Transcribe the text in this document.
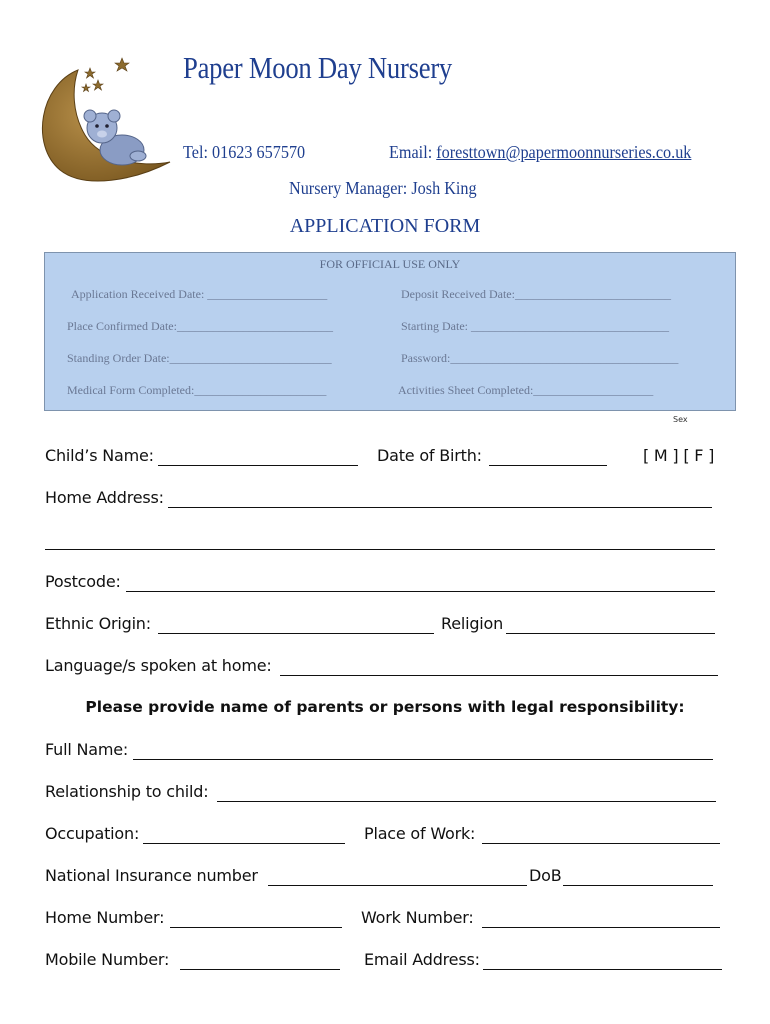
Paper Moon Day Nursery
Tel: 01623 657570	Email: foresttown@papermoonnurseries.co.uk
Nursery Manager: Josh King
APPLICATION FORM
FOR OFFICIAL USE ONLY
Application Received Date: ____________________	Deposit Received Date:__________________________
Place Confirmed Date:__________________________	Starting Date: _________________________________
Standing Order Date:___________________________	Password:______________________________________
Medical Form Completed:______________________	Activities Sheet Completed:____________________
Sex
Child’s Name:	Date of Birth:	[ M ] [ F ]
Home Address:
Postcode:
Ethnic Origin:	Religion
Language/s spoken at home:
Please provide name of parents or persons with legal responsibility:
Full Name:
Relationship to child:
Occupation:	Place of Work:
National Insurance number	DoB
Home Number:	Work Number:
Mobile Number:	Email Address:
